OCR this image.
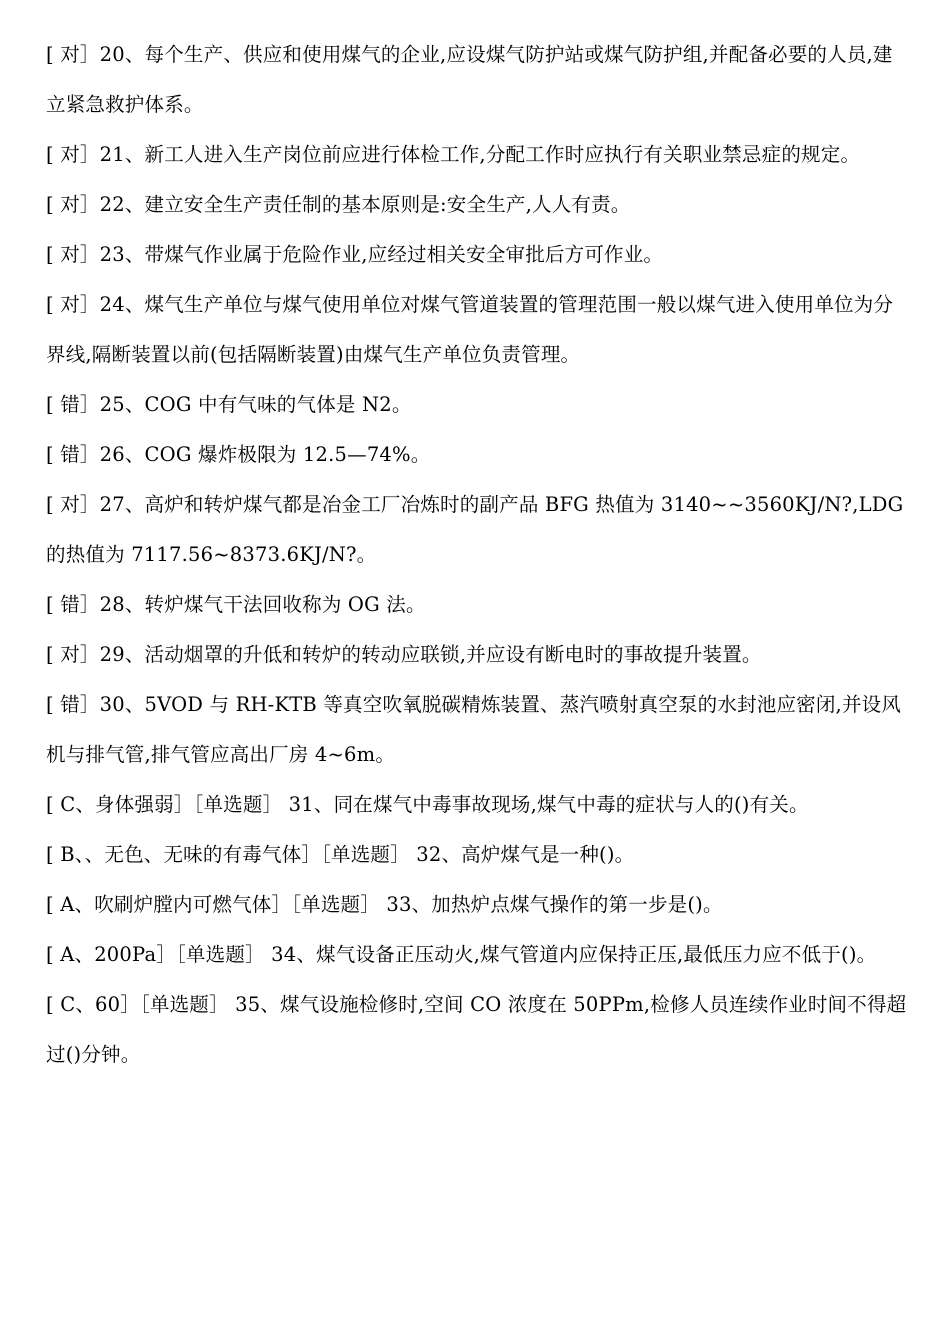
[ 对］20、每个生产、供应和使用煤气的企业,应设煤气防护站或煤气防护组,并配备必要的人员,建立紧急救护体系。

[ 对］21、新工人进入生产岗位前应进行体检工作,分配工作时应执行有关职业禁忌症的规定。

[ 对］22、建立安全生产责任制的基本原则是:安全生产,人人有责。

[ 对］23、带煤气作业属于危险作业,应经过相关安全审批后方可作业。

[ 对］24、煤气生产单位与煤气使用单位对煤气管道装置的管理范围一般以煤气进入使用单位为分界线,隔断装置以前(包括隔断装置)由煤气生产单位负责管理。

[ 错］25、COG 中有气味的气体是 N2。

[ 错］26、COG 爆炸极限为 12.5—74%。

[ 对］27、高炉和转炉煤气都是冶金工厂冶炼时的副产品 BFG 热值为 3140~~3560KJ/N?,LDG 的热值为 7117.56~8373.6KJ/N?。

[ 错］28、转炉煤气干法回收称为 OG 法。

[ 对］29、活动烟罩的升低和转炉的转动应联锁,并应设有断电时的事故提升装置。

[ 错］30、5VOD 与 RH-KTB 等真空吹氧脱碳精炼装置、蒸汽喷射真空泵的水封池应密闭,并设风机与排气管,排气管应高出厂房 4~6m。

[ C、身体强弱］［单选题］ 31、同在煤气中毒事故现场,煤气中毒的症状与人的()有关。

[ B、、无色、无味的有毒气体］［单选题］ 32、高炉煤气是一种()。

[ A、吹刷炉膛内可燃气体］［单选题］ 33、加热炉点煤气操作的第一步是()。

[ A、200Pa］［单选题］ 34、煤气设备正压动火,煤气管道内应保持正压,最低压力应不低于()。

[ C、60］［单选题］ 35、煤气设施检修时,空间 CO 浓度在 50PPm,检修人员连续作业时间不得超过()分钟。
